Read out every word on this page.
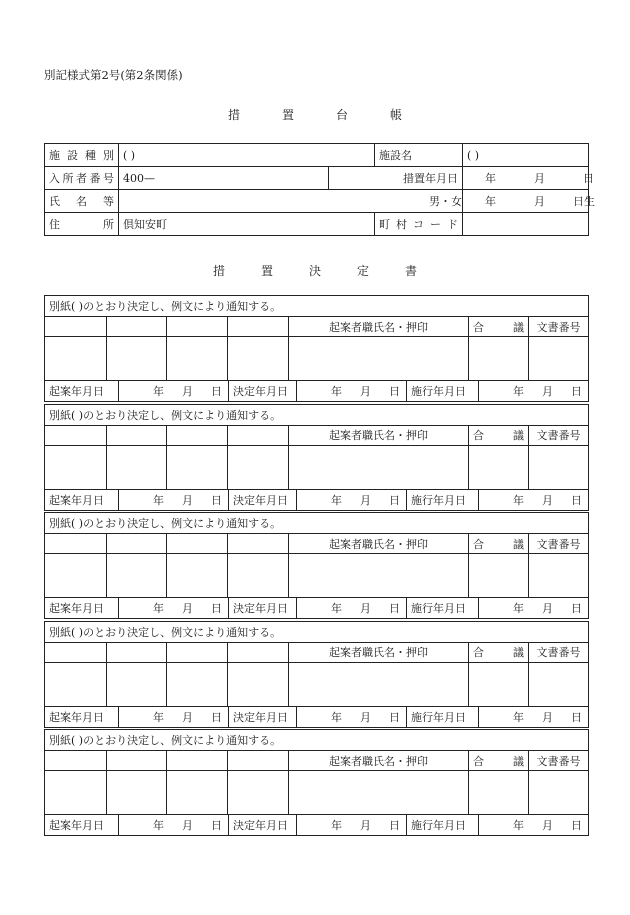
別記様式第2号(第2条関係)
措	置	台	帳
施設種別	( )		施設名	( )

入所者番号	400—	措置年月日		年 月 日

氏名等	男・女			年 月 日生

住所	倶知安町		町村コード	

措	置	決	定	書
別紙( )のとおり決定し、例文により通知する。						
				起案者職氏名・押印	合　議	文書番号

起案年月日	年 月 日	決定年月日	年 月 日	施行年月日	年 月 日
別紙( )のとおり決定し、例文により通知する。						
				起案者職氏名・押印	合　議	文書番号

起案年月日	年 月 日	決定年月日	年 月 日	施行年月日	年 月 日
別紙( )のとおり決定し、例文により通知する。						
				起案者職氏名・押印	合　議	文書番号

起案年月日	年 月 日	決定年月日	年 月 日	施行年月日	年 月 日
別紙( )のとおり決定し、例文により通知する。						
				起案者職氏名・押印	合　議	文書番号

起案年月日	年 月 日	決定年月日	年 月 日	施行年月日	年 月 日
別紙( )のとおり決定し、例文により通知する。						
				起案者職氏名・押印	合　議	文書番号

起案年月日	年 月 日	決定年月日	年 月 日	施行年月日	年 月 日
